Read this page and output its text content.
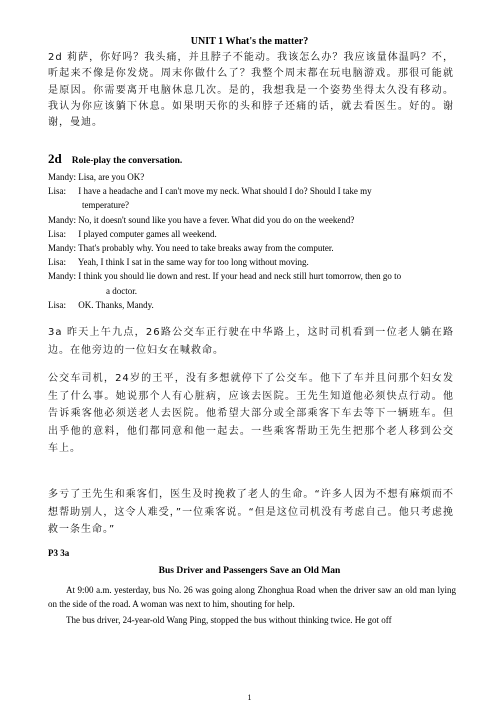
UNIT 1 What's the matter?
2d 莉萨，你好吗？我头痛，并且脖子不能动。我该怎么办？我应该量体温吗？不，听起来不像是你发烧。周末你做什么了？我整个周末都在玩电脑游戏。那很可能就是原因。你需要离开电脑休息几次。是的，我想我是一个姿势坐得太久没有移动。我认为你应该躺下休息。如果明天你的头和脖子还痛的话，就去看医生。好的。谢谢，曼迪。
2d Role-play the conversation.
Mandy: Lisa, are you OK?
Lisa: I have a headache and I can't move my neck. What should I do? Should I take my
temperature?
Mandy: No, it doesn't sound like you have a fever. What did you do on the weekend?
Lisa: I played computer games all weekend.
Mandy: That's probably why. You need to take breaks away from the computer.
Lisa: Yeah, I think I sat in the same way for too long without moving.
Mandy: I think you should lie down and rest. If your head and neck still hurt tomorrow, then go to
a doctor.
Lisa: OK. Thanks, Mandy.
3a 昨天上午九点，26路公交车正行驶在中华路上，这时司机看到一位老人躺在路边。在他旁边的一位妇女在喊救命。
公交车司机，24岁的王平，没有多想就停下了公交车。他下了车并且问那个妇女发生了什么事。她说那个人有心脏病，应该去医院。王先生知道他必须快点行动。他告诉乘客他必须送老人去医院。他希望大部分或全部乘客下车去等下一辆班车。但出乎他的意料，他们都同意和他一起去。一些乘客帮助王先生把那个老人移到公交车上。
多亏了王先生和乘客们，医生及时挽救了老人的生命。“许多人因为不想有麻烦而不想帮助别人，这令人难受，”一位乘客说。“但是这位司机没有考虑自己。他只考虑挽救一条生命。”
P3 3a
Bus Driver and Passengers Save an Old Man
At 9:00 a.m. yesterday, bus No. 26 was going along Zhonghua Road when the driver saw an old man lying on the side of the road. A woman was next to him, shouting for help.
The bus driver, 24-year-old Wang Ping, stopped the bus without thinking twice. He got off
1
